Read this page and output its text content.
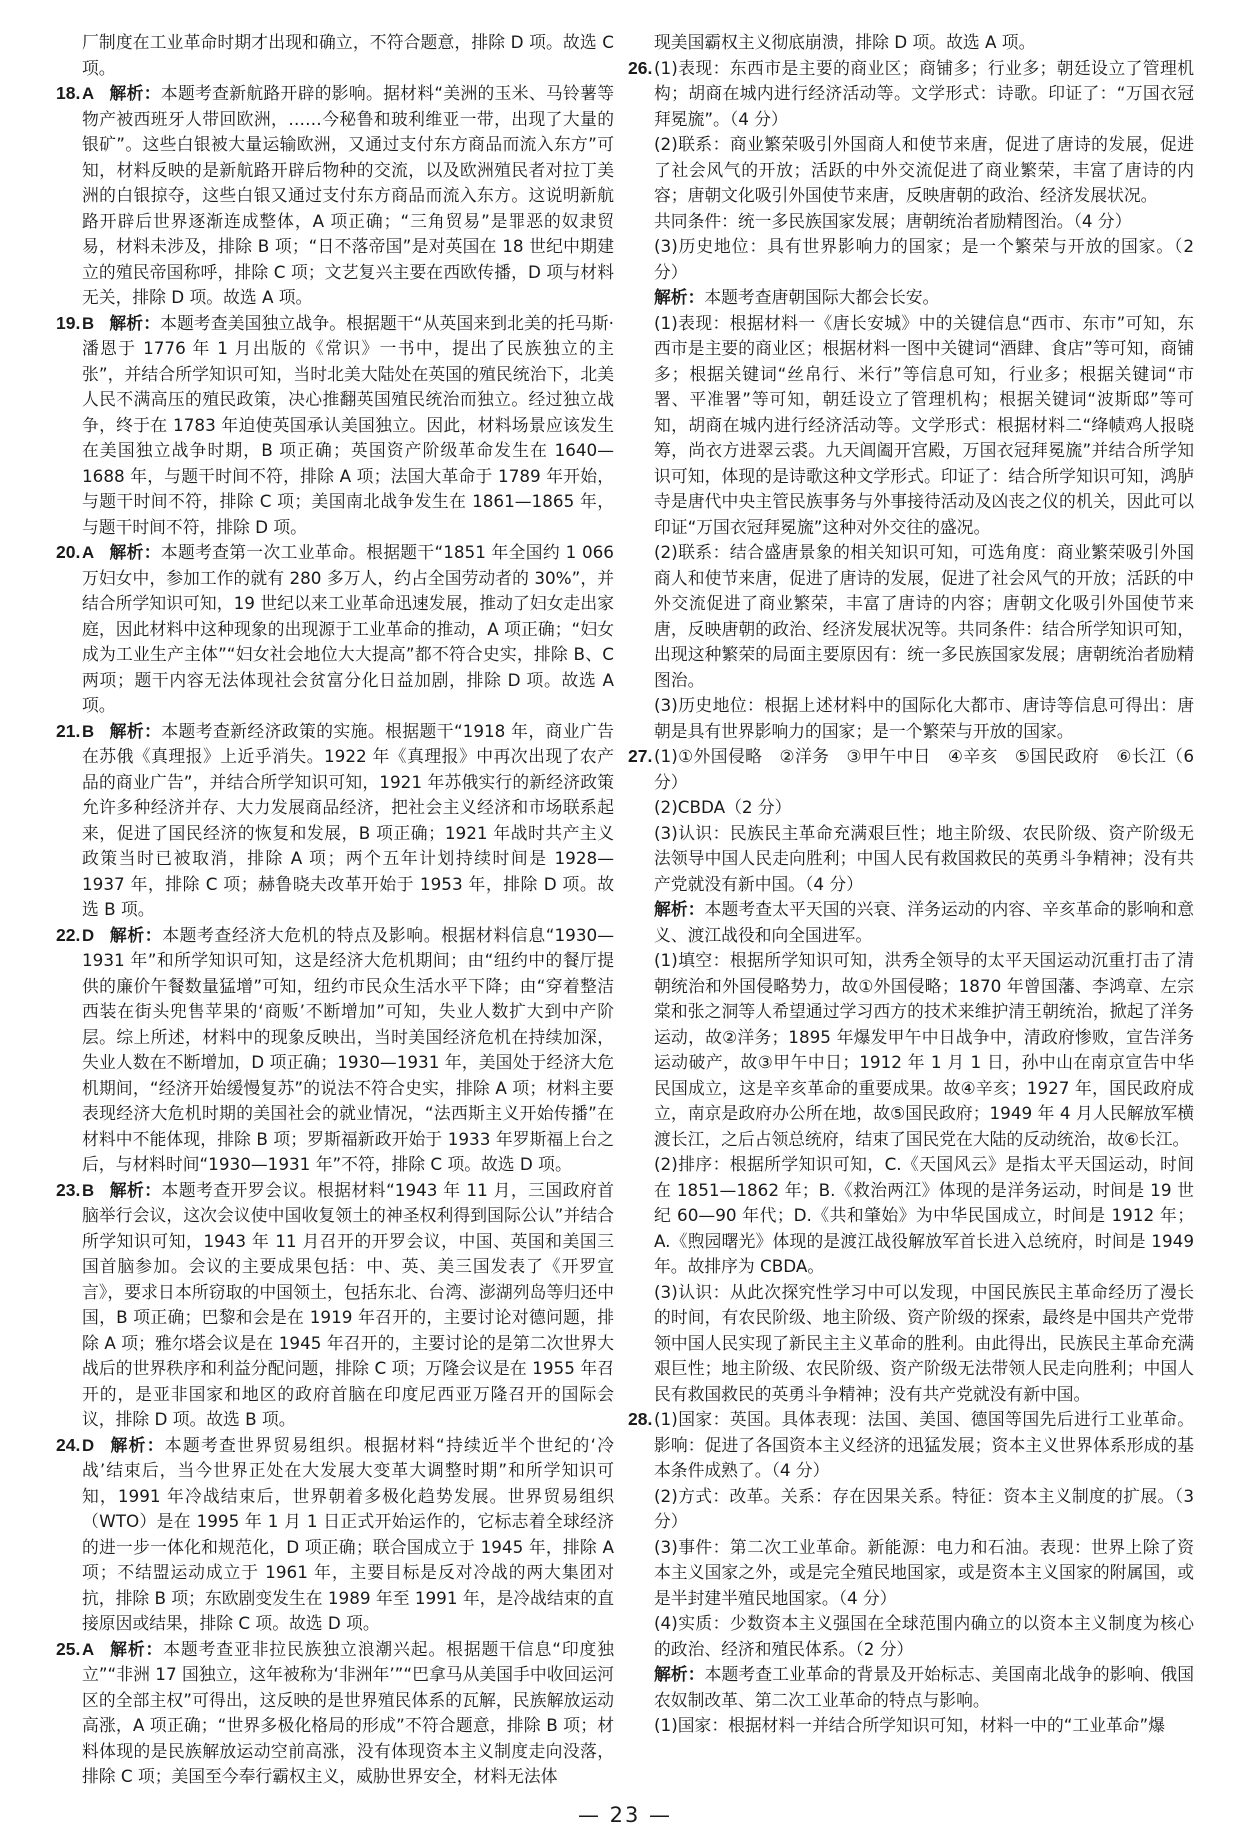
厂制度在工业革命时期才出现和确立，不符合题意，排除 D 项。故选 C 项。

18. A 解析：本题考查新航路开辟的影响。据材料“美洲的玉米、马铃薯等物产被西班牙人带回欧洲，……今秘鲁和玻利维亚一带，出现了大量的银矿”。这些白银被大量运输欧洲，又通过支付东方商品而流入东方”可知，材料反映的是新航路开辟后物种的交流，以及欧洲殖民者对拉丁美洲的白银掠夺，这些白银又通过支付东方商品而流入东方。这说明新航路开辟后世界逐渐连成整体，A 项正确；“三角贸易”是罪恶的奴隶贸易，材料未涉及，排除 B 项；“日不落帝国”是对英国在 18 世纪中期建立的殖民帝国称呼，排除 C 项；文艺复兴主要在西欧传播，D 项与材料无关，排除 D 项。故选 A 项。

19. B 解析：本题考查美国独立战争。根据题干“从英国来到北美的托马斯·潘恩于 1776 年 1 月出版的《常识》一书中，提出了民族独立的主张”，并结合所学知识可知，当时北美大陆处在英国的殖民统治下，北美人民不满高压的殖民政策，决心推翻英国殖民统治而独立。经过独立战争，终于在 1783 年迫使英国承认美国独立。因此，材料场景应该发生在美国独立战争时期，B 项正确；英国资产阶级革命发生在 1640—1688 年，与题干时间不符，排除 A 项；法国大革命于 1789 年开始，与题干时间不符，排除 C 项；美国南北战争发生在 1861—1865 年，与题干时间不符，排除 D 项。

20. A 解析：本题考查第一次工业革命。根据题干“1851 年全国约 1 066 万妇女中，参加工作的就有 280 多万人，约占全国劳动者的 30%”，并结合所学知识可知，19 世纪以来工业革命迅速发展，推动了妇女走出家庭，因此材料中这种现象的出现源于工业革命的推动，A 项正确；“妇女成为工业生产主体”“妇女社会地位大大提高”都不符合史实，排除 B、C 两项；题干内容无法体现社会贫富分化日益加剧，排除 D 项。故选 A 项。

21. B 解析：本题考查新经济政策的实施。根据题干“1918 年，商业广告在苏俄《真理报》上近乎消失。1922 年《真理报》中再次出现了农产品的商业广告”，并结合所学知识可知，1921 年苏俄实行的新经济政策允许多种经济并存、大力发展商品经济，把社会主义经济和市场联系起来，促进了国民经济的恢复和发展，B 项正确；1921 年战时共产主义政策当时已被取消，排除 A 项；两个五年计划持续时间是 1928—1937 年，排除 C 项；赫鲁晓夫改革开始于 1953 年，排除 D 项。故选 B 项。

22. D 解析：本题考查经济大危机的特点及影响。根据材料信息“1930—1931 年”和所学知识可知，这是经济大危机期间；由“纽约中的餐厅提供的廉价午餐数量猛增”可知，纽约市民众生活水平下降；由“穿着整洁西装在街头兜售苹果的‘商贩’不断增加”可知，失业人数扩大到中产阶层。综上所述，材料中的现象反映出，当时美国经济危机在持续加深，失业人数在不断增加，D 项正确；1930—1931 年，美国处于经济大危机期间，“经济开始缓慢复苏”的说法不符合史实，排除 A 项；材料主要表现经济大危机时期的美国社会的就业情况，“法西斯主义开始传播”在材料中不能体现，排除 B 项；罗斯福新政开始于 1933 年罗斯福上台之后，与材料时间“1930—1931 年”不符，排除 C 项。故选 D 项。

23. B 解析：本题考查开罗会议。根据材料“1943 年 11 月，三国政府首脑举行会议，这次会议使中国收复领土的神圣权利得到国际公认”并结合所学知识可知，1943 年 11 月召开的开罗会议，中国、英国和美国三国首脑参加。会议的主要成果包括：中、英、美三国发表了《开罗宣言》，要求日本所窃取的中国领土，包括东北、台湾、澎湖列岛等归还中国，B 项正确；巴黎和会是在 1919 年召开的，主要讨论对德问题，排除 A 项；雅尔塔会议是在 1945 年召开的，主要讨论的是第二次世界大战后的世界秩序和利益分配问题，排除 C 项；万隆会议是在 1955 年召开的，是亚非国家和地区的政府首脑在印度尼西亚万隆召开的国际会议，排除 D 项。故选 B 项。

24. D 解析：本题考查世界贸易组织。根据材料“持续近半个世纪的‘冷战’结束后，当今世界正处在大发展大变革大调整时期”和所学知识可知，1991 年冷战结束后，世界朝着多极化趋势发展。世界贸易组织（WTO）是在 1995 年 1 月 1 日正式开始运作的，它标志着全球经济的进一步一体化和规范化，D 项正确；联合国成立于 1945 年，排除 A 项；不结盟运动成立于 1961 年，主要目标是反对冷战的两大集团对抗，排除 B 项；东欧剧变发生在 1989 年至 1991 年，是冷战结束的直接原因或结果，排除 C 项。故选 D 项。

25. A 解析：本题考查亚非拉民族独立浪潮兴起。根据题干信息“印度独立”“非洲 17 国独立，这年被称为‘非洲年’”“巴拿马从美国手中收回运河区的全部主权”可得出，这反映的是世界殖民体系的瓦解，民族解放运动高涨，A 项正确；“世界多极化格局的形成”不符合题意，排除 B 项；材料体现的是民族解放运动空前高涨，没有体现资本主义制度走向没落，排除 C 项；美国至今奉行霸权主义，威胁世界安全，材料无法体

现美国霸权主义彻底崩溃，排除 D 项。故选 A 项。

26. (1)表现：东西市是主要的商业区；商铺多；行业多；朝廷设立了管理机构；胡商在城内进行经济活动等。文学形式：诗歌。印证了：“万国衣冠拜冕旒”。（4 分）

(2)联系：商业繁荣吸引外国商人和使节来唐，促进了唐诗的发展，促进了社会风气的开放；活跃的中外交流促进了商业繁荣，丰富了唐诗的内容；唐朝文化吸引外国使节来唐，反映唐朝的政治、经济发展状况。

共同条件：统一多民族国家发展；唐朝统治者励精图治。（4 分）

(3)历史地位：具有世界影响力的国家；是一个繁荣与开放的国家。（2 分）

解析：本题考查唐朝国际大都会长安。

(1)表现：根据材料一《唐长安城》中的关键信息“西市、东市”可知，东西市是主要的商业区；根据材料一图中关键词“酒肆、食店”等可知，商铺多；根据关键词“丝帛行、米行”等信息可知，行业多；根据关键词“市署、平准署”等可知，朝廷设立了管理机构；根据关键词“波斯邸”等可知，胡商在城内进行经济活动等。文学形式：根据材料二“绛帻鸡人报晓筹，尚衣方进翠云裘。九天阊阖开宫殿，万国衣冠拜冕旒”并结合所学知识可知，体现的是诗歌这种文学形式。印证了：结合所学知识可知，鸿胪寺是唐代中央主管民族事务与外事接待活动及凶丧之仪的机关，因此可以印证“万国衣冠拜冕旒”这种对外交往的盛况。

(2)联系：结合盛唐景象的相关知识可知，可选角度：商业繁荣吸引外国商人和使节来唐，促进了唐诗的发展，促进了社会风气的开放；活跃的中外交流促进了商业繁荣，丰富了唐诗的内容；唐朝文化吸引外国使节来唐，反映唐朝的政治、经济发展状况等。共同条件：结合所学知识可知，出现这种繁荣的局面主要原因有：统一多民族国家发展；唐朝统治者励精图治。

(3)历史地位：根据上述材料中的国际化大都市、唐诗等信息可得出：唐朝是具有世界影响力的国家；是一个繁荣与开放的国家。

27. (1)①外国侵略　②洋务　③甲午中日　④辛亥　⑤国民政府　⑥长江（6 分）

(2)CBDA（2 分）

(3)认识：民族民主革命充满艰巨性；地主阶级、农民阶级、资产阶级无法领导中国人民走向胜利；中国人民有救国救民的英勇斗争精神；没有共产党就没有新中国。（4 分）

解析：本题考查太平天国的兴衰、洋务运动的内容、辛亥革命的影响和意义、渡江战役和向全国进军。

(1)填空：根据所学知识可知，洪秀全领导的太平天国运动沉重打击了清朝统治和外国侵略势力，故①外国侵略；1870 年曾国藩、李鸿章、左宗棠和张之洞等人希望通过学习西方的技术来维护清王朝统治，掀起了洋务运动，故②洋务；1895 年爆发甲午中日战争中，清政府惨败，宣告洋务运动破产，故③甲午中日；1912 年 1 月 1 日，孙中山在南京宣告中华民国成立，这是辛亥革命的重要成果。故④辛亥；1927 年，国民政府成立，南京是政府办公所在地，故⑤国民政府；1949 年 4 月人民解放军横渡长江，之后占领总统府，结束了国民党在大陆的反动统治，故⑥长江。

(2)排序：根据所学知识可知，C.《天国风云》是指太平天国运动，时间在 1851—1862 年；B.《救治两江》体现的是洋务运动，时间是 19 世纪 60—90 年代；D.《共和肇始》为中华民国成立，时间是 1912 年；A.《煦园曙光》体现的是渡江战役解放军首长进入总统府，时间是 1949 年。故排序为 CBDA。

(3)认识：从此次探究性学习中可以发现，中国民族民主革命经历了漫长的时间，有农民阶级、地主阶级、资产阶级的探索，最终是中国共产党带领中国人民实现了新民主主义革命的胜利。由此得出，民族民主革命充满艰巨性；地主阶级、农民阶级、资产阶级无法带领人民走向胜利；中国人民有救国救民的英勇斗争精神；没有共产党就没有新中国。

28. (1)国家：英国。具体表现：法国、美国、德国等国先后进行工业革命。影响：促进了各国资本主义经济的迅猛发展；资本主义世界体系形成的基本条件成熟了。（4 分）

(2)方式：改革。关系：存在因果关系。特征：资本主义制度的扩展。（3 分）

(3)事件：第二次工业革命。新能源：电力和石油。表现：世界上除了资本主义国家之外，或是完全殖民地国家，或是资本主义国家的附属国，或是半封建半殖民地国家。（4 分）

(4)实质：少数资本主义强国在全球范围内确立的以资本主义制度为核心的政治、经济和殖民体系。（2 分）

解析：本题考查工业革命的背景及开始标志、美国南北战争的影响、俄国农奴制改革、第二次工业革命的特点与影响。

(1)国家：根据材料一并结合所学知识可知，材料一中的“工业革命”爆

— 23 —
